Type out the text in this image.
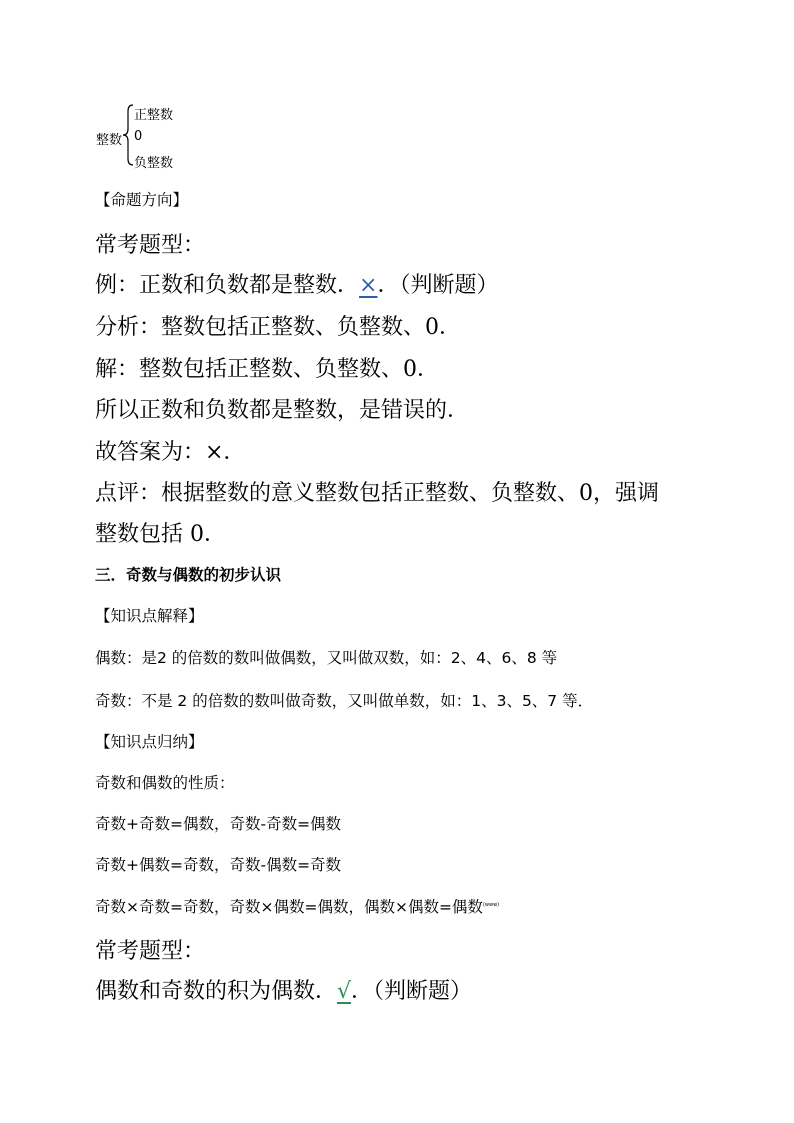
整数
正整数
0
负整数
【命题方向】
常考题型：
例：正数和负数都是整数．×．（判断题）
分析：整数包括正整数、负整数、0．
解：整数包括正整数、负整数、0．
所以正数和负数都是整数，是错误的．
故答案为：×．
点评：根据整数的意义整数包括正整数、负整数、0，强调
整数包括 0．
三．奇数与偶数的初步认识
【知识点解释】
偶数：是2 的倍数的数叫做偶数，又叫做双数，如：2、4、6、8 等
奇数：不是 2 的倍数的数叫做奇数，又叫做单数，如：1、3、5、7 等．
【知识点归纳】
奇数和偶数的性质：
奇数+奇数=偶数，奇数-奇数=偶数
奇数+偶数=奇数，奇数-偶数=奇数
奇数×奇数=奇数，奇数×偶数=偶数，偶数×偶数=偶数$^{(www)}$
常考题型：
偶数和奇数的积为偶数．√．（判断题）
